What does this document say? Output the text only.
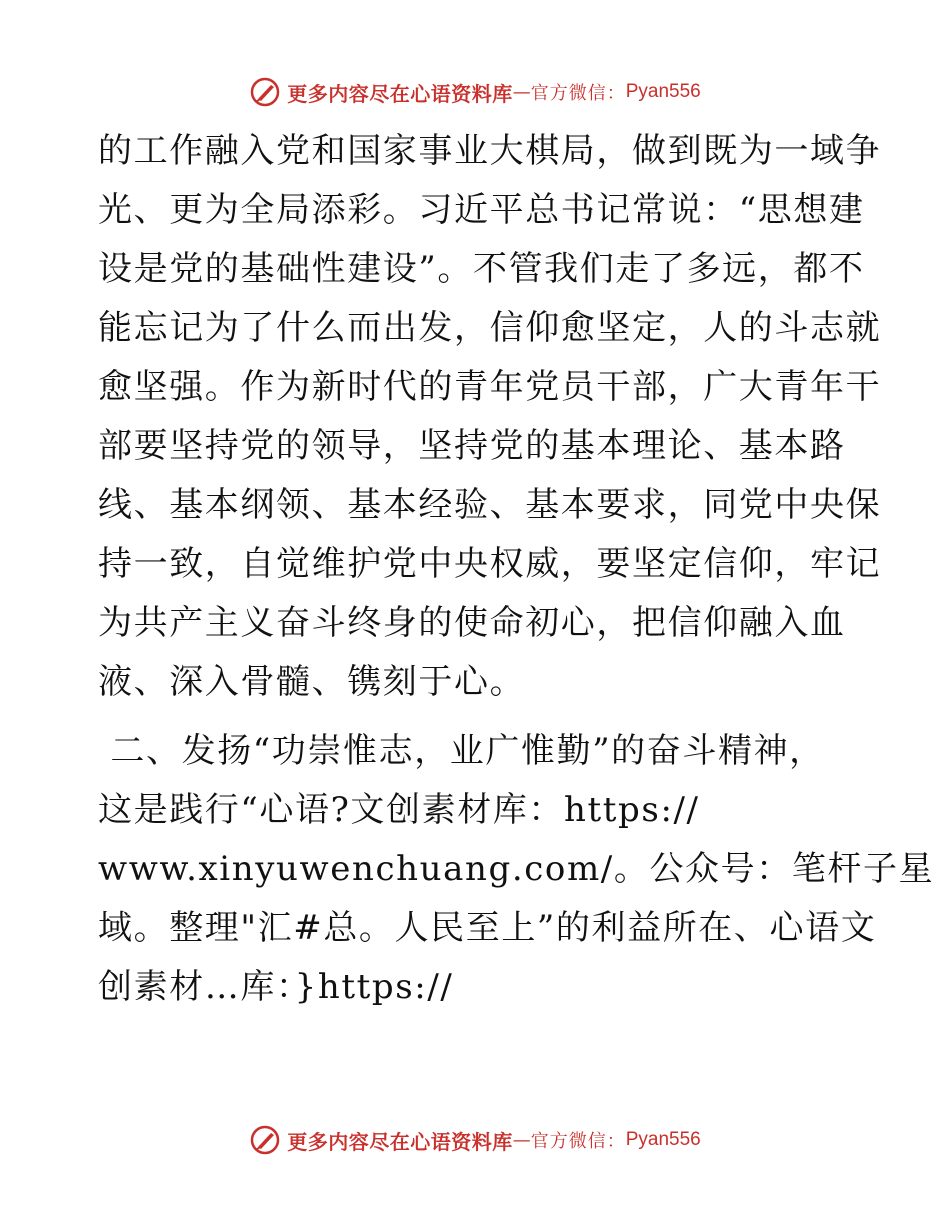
更多内容尽在心语资料库 — 官方微信： Pyan556
的工作融入党和国家事业大棋局，做到既为一域争
光、更为全局添彩。习近平总书记常说：“思想建
设是党的基础性建设”。不管我们走了多远，都不
能忘记为了什么而出发，信仰愈坚定，人的斗志就
愈坚强。作为新时代的青年党员干部，广大青年干
部要坚持党的领导，坚持党的基本理论、基本路
线、基本纲领、基本经验、基本要求，同党中央保
持一致，自觉维护党中央权威，要坚定信仰，牢记
为共产主义奋斗终身的使命初心，把信仰融入血
液、深入骨髓、镌刻于心。
二、发扬“功崇惟志，业广惟勤”的奋斗精神，
这是践行“心语?文创素材库：https://
www.xinyuwenchuang.com/。公众号：笔杆子星
域。整理"汇#总。人民至上”的利益所在、心语文
创素材…库：}https://
更多内容尽在心语资料库 — 官方微信： Pyan556
